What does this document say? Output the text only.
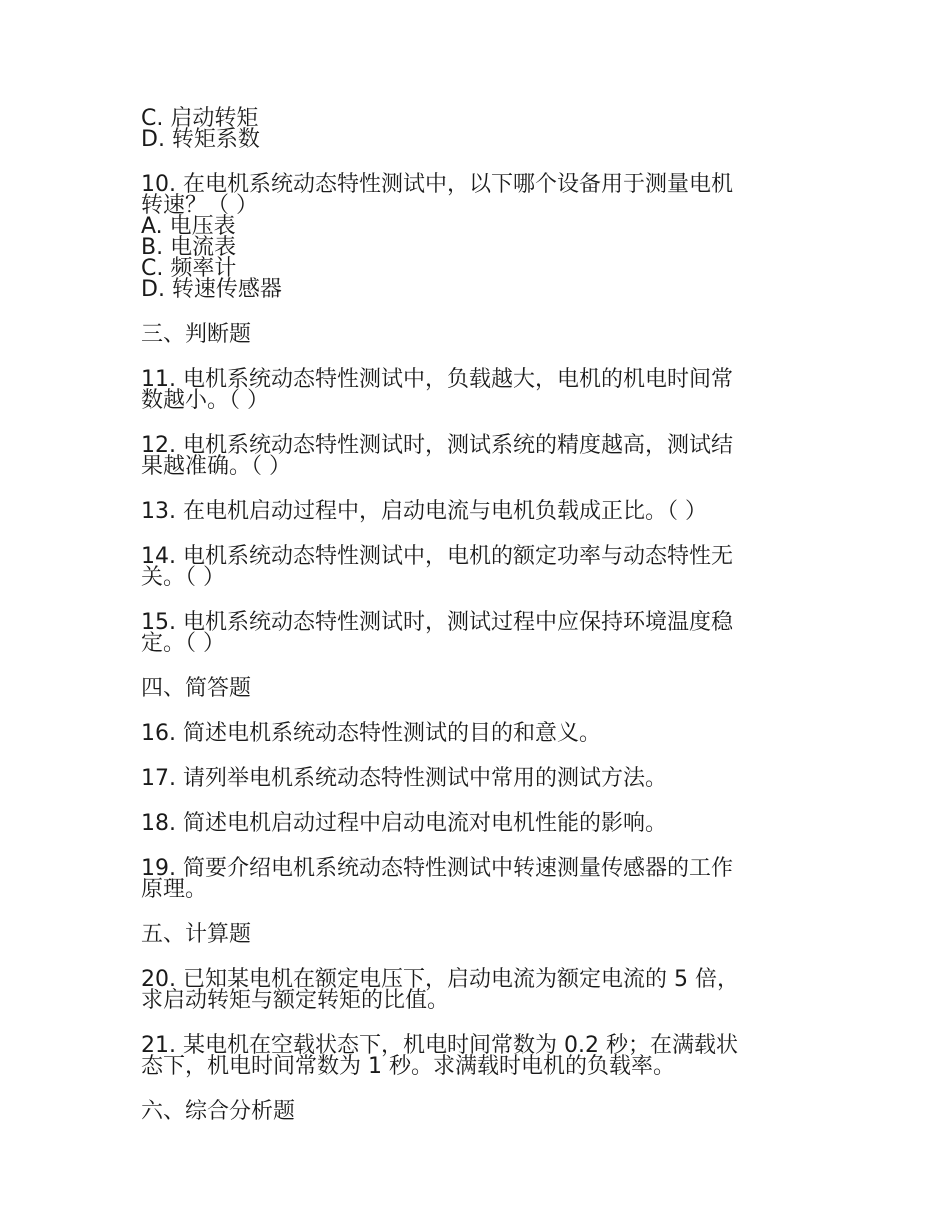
C. 启动转矩
D. 转矩系数
10. 在电机系统动态特性测试中，以下哪个设备用于测量电机
转速？（ ）
A. 电压表
B. 电流表
C. 频率计
D. 转速传感器
三、判断题
11. 电机系统动态特性测试中，负载越大，电机的机电时间常
数越小。（ ）
12. 电机系统动态特性测试时，测试系统的精度越高，测试结
果越准确。（ ）
13. 在电机启动过程中，启动电流与电机负载成正比。（ ）
14. 电机系统动态特性测试中，电机的额定功率与动态特性无
关。（ ）
15. 电机系统动态特性测试时，测试过程中应保持环境温度稳
定。（ ）
四、简答题
16. 简述电机系统动态特性测试的目的和意义。
17. 请列举电机系统动态特性测试中常用的测试方法。
18. 简述电机启动过程中启动电流对电机性能的影响。
19. 简要介绍电机系统动态特性测试中转速测量传感器的工作
原理。
五、计算题
20. 已知某电机在额定电压下，启动电流为额定电流的 5 倍，
求启动转矩与额定转矩的比值。
21. 某电机在空载状态下，机电时间常数为 0.2 秒；在满载状
态下，机电时间常数为 1 秒。求满载时电机的负载率。
六、综合分析题
